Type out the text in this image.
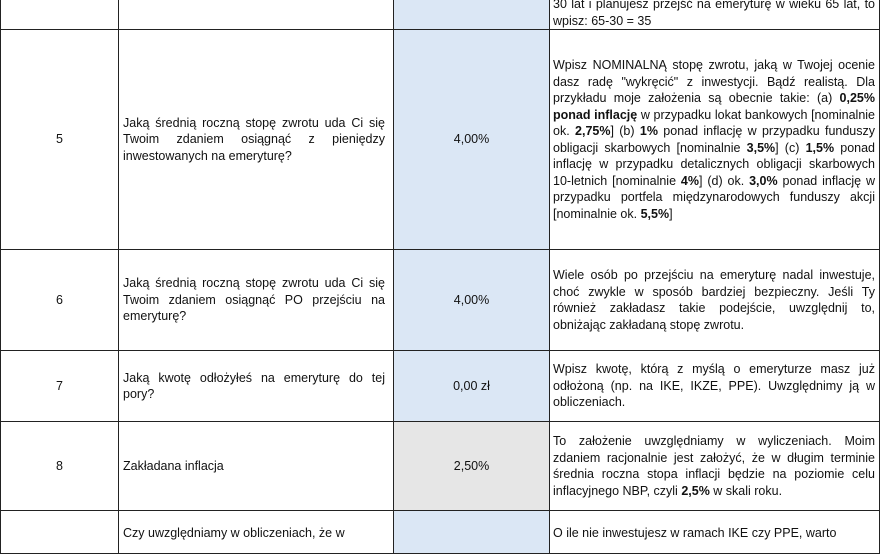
			30 lat i planujesz przejść na emeryturę w wieku 65 lat, to wpisz: 65-30 = 35
5	Jaką średnią roczną stopę zwrotu uda Ci się Twoim zdaniem osiągnąć z pieniędzy inwestowanych na emeryturę?	4,00%	Wpisz NOMINALNĄ stopę zwrotu, jaką w Twojej ocenie dasz radę "wykręcić" z inwestycji. Bądź realistą. Dla przykładu moje założenia są obecnie takie: (a) 0,25% ponad inflację w przypadku lokat bankowych [nominalnie ok. 2,75%] (b) 1% ponad inflację w przypadku funduszy obligacji skarbowych [nominalnie 3,5%] (c) 1,5% ponad inflację w przypadku detalicznych obligacji skarbowych 10-letnich [nominalnie 4%] (d) ok. 3,0% ponad inflację w przypadku portfela międzynarodowych funduszy akcji [nominalnie ok. 5,5%]
6	Jaką średnią roczną stopę zwrotu uda Ci się Twoim zdaniem osiągnąć PO przejściu na emeryturę?	4,00%	Wiele osób po przejściu na emeryturę nadal inwestuje, choć zwykle w sposób bardziej bezpieczny. Jeśli Ty również zakładasz takie podejście, uwzględnij to, obniżając zakładaną stopę zwrotu.
7	Jaką kwotę odłożyłeś na emeryturę do tej pory?	0,00 zł	Wpisz kwotę, którą z myślą o emeryturze masz już odłożoną (np. na IKE, IKZE, PPE). Uwzględnimy ją w obliczeniach.
8	Zakładana inflacja	2,50%	To założenie uwzględniamy w wyliczeniach. Moim zdaniem racjonalnie jest założyć, że w długim terminie średnia roczna stopa inflacji będzie na poziomie celu inflacyjnego NBP, czyli 2,5% w skali roku.
	Czy uwzględniamy w obliczeniach, że w		O ile nie inwestujesz w ramach IKE czy PPE, warto
